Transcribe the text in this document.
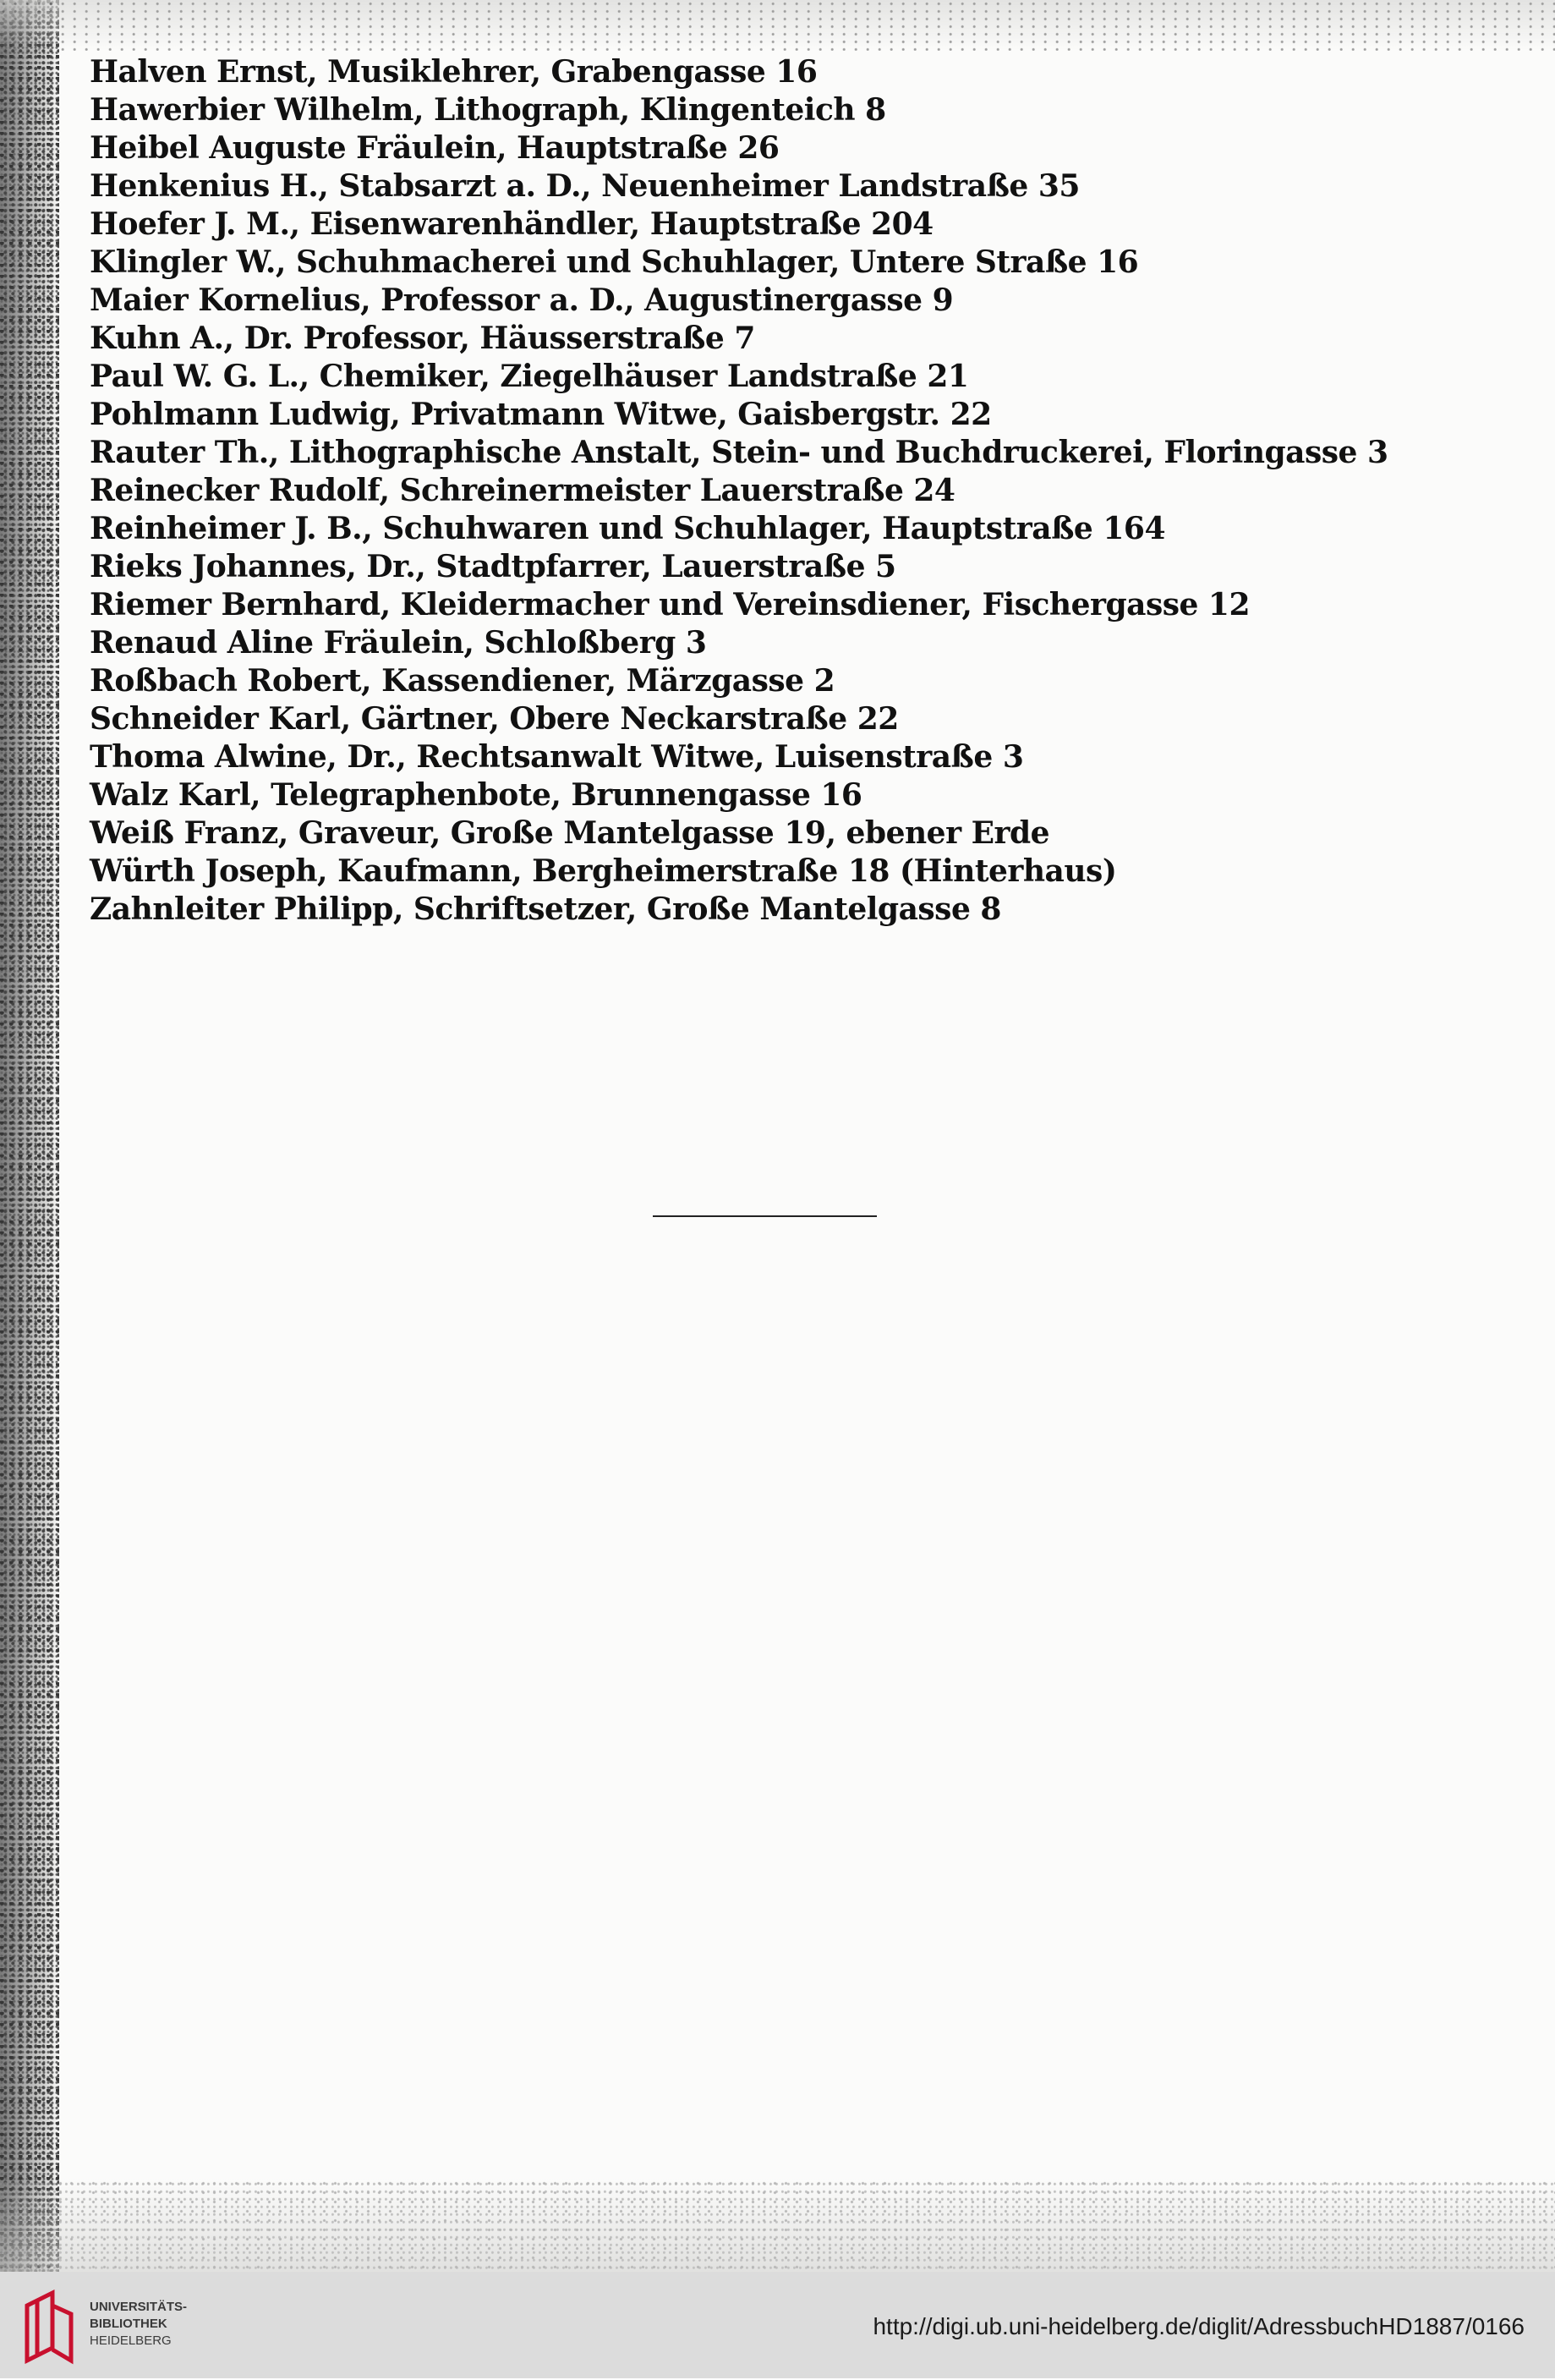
Halven Ernst, Musiklehrer, Grabengasse 16
Hawerbier Wilhelm, Lithograph, Klingenteich 8
Heibel Auguste Fräulein, Hauptstraße 26
Henkenius H., Stabsarzt a. D., Neuenheimer Landstraße 35
Hoefer J. M., Eisenwarenhändler, Hauptstraße 204
Klingler W., Schuhmacherei und Schuhlager, Untere Straße 16
Maier Kornelius, Professor a. D., Augustinergasse 9
Kuhn A., Dr. Professor, Häusserstraße 7
Paul W. G. L., Chemiker, Ziegelhäuser Landstraße 21
Pohlmann Ludwig, Privatmann Witwe, Gaisbergstr. 22
Rauter Th., Lithographische Anstalt, Stein- und Buchdruckerei, Floringasse 3
Reinecker Rudolf, Schreinermeister Lauerstraße 24
Reinheimer J. B., Schuhwaren und Schuhlager, Hauptstraße 164
Rieks Johannes, Dr., Stadtpfarrer, Lauerstraße 5
Riemer Bernhard, Kleidermacher und Vereinsdiener, Fischergasse 12
Renaud Aline Fräulein, Schloßberg 3
Roßbach Robert, Kassendiener, Märzgasse 2
Schneider Karl, Gärtner, Obere Neckarstraße 22
Thoma Alwine, Dr., Rechtsanwalt Witwe, Luisenstraße 3
Walz Karl, Telegraphenbote, Brunnengasse 16
Weiß Franz, Graveur, Große Mantelgasse 19, ebener Erde
Würth Joseph, Kaufmann, Bergheimerstraße 18 (Hinterhaus)
Zahnleiter Philipp, Schriftsetzer, Große Mantelgasse 8
UNIVERSITÄTS-
BIBLIOTHEK
HEIDELBERG
http://digi.ub.uni-heidelberg.de/diglit/AdressbuchHD1887/0166
